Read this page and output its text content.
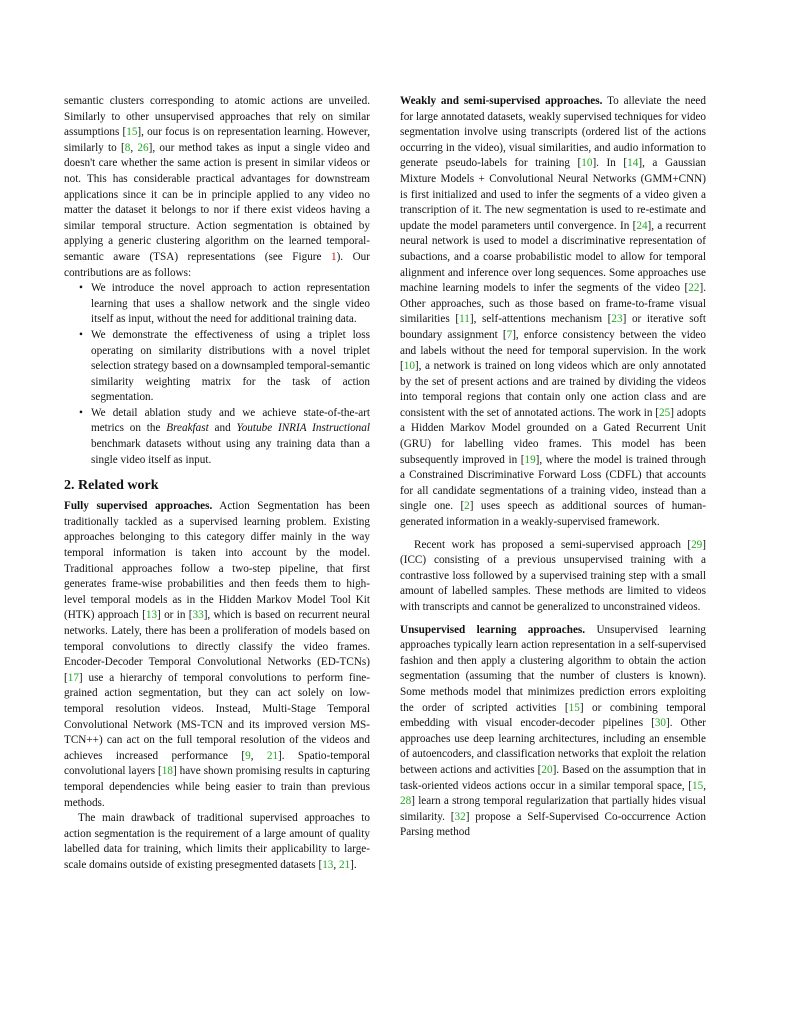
semantic clusters corresponding to atomic actions are unveiled. Similarly to other unsupervised approaches that rely on similar assumptions [15], our focus is on representation learning. However, similarly to [8, 26], our method takes as input a single video and doesn't care whether the same action is present in similar videos or not. This has considerable practical advantages for downstream applications since it can be in principle applied to any video no matter the dataset it belongs to nor if there exist videos having a similar temporal structure. Action segmentation is obtained by applying a generic clustering algorithm on the learned temporal-semantic aware (TSA) representations (see Figure 1). Our contributions are as follows:

• We introduce the novel approach to action representation learning that uses a shallow network and the single video itself as input, without the need for additional training data.
• We demonstrate the effectiveness of using a triplet loss operating on similarity distributions with a novel triplet selection strategy based on a downsampled temporal-semantic similarity weighting matrix for the task of action segmentation.
• We detail ablation study and we achieve state-of-the-art metrics on the Breakfast and Youtube INRIA Instructional benchmark datasets without using any training data than a single video itself as input.
2. Related work

Fully supervised approaches. Action Segmentation has been traditionally tackled as a supervised learning problem. Existing approaches belonging to this category differ mainly in the way temporal information is taken into account by the model. Traditional approaches follow a two-step pipeline, that first generates frame-wise probabilities and then feeds them to high-level temporal models as in the Hidden Markov Model Tool Kit (HTK) approach [13] or in [33], which is based on recurrent neural networks. Lately, there has been a proliferation of models based on temporal convolutions to directly classify the video frames. Encoder-Decoder Temporal Convolutional Networks (ED-TCNs) [17] use a hierarchy of temporal convolutions to perform fine-grained action segmentation, but they can act solely on low-temporal resolution videos. Instead, Multi-Stage Temporal Convolutional Network (MS-TCN and its improved version MS-TCN++) can act on the full temporal resolution of the videos and achieves increased performance [9, 21]. Spatio-temporal convolutional layers [18] have shown promising results in capturing temporal dependencies while being easier to train than previous methods.

The main drawback of traditional supervised approaches to action segmentation is the requirement of a large amount of quality labelled data for training, which limits their applicability to large-scale domains outside of existing presegmented datasets [13, 21].

Weakly and semi-supervised approaches. To alleviate the need for large annotated datasets, weakly supervised techniques for video segmentation involve using transcripts (ordered list of the actions occurring in the video), visual similarities, and audio information to generate pseudo-labels for training [10]. In [14], a Gaussian Mixture Models + Convolutional Neural Networks (GMM+CNN) is first initialized and used to infer the segments of a video given a transcription of it. The new segmentation is used to re-estimate and update the model parameters until convergence. In [24], a recurrent neural network is used to model a discriminative representation of subactions, and a coarse probabilistic model to allow for temporal alignment and inference over long sequences. Some approaches use machine learning models to infer the segments of the video [22]. Other approaches, such as those based on frame-to-frame visual similarities [11], self-attentions mechanism [23] or iterative soft boundary assignment [7], enforce consistency between the video and labels without the need for temporal supervision. In the work [10], a network is trained on long videos which are only annotated by the set of present actions and are trained by dividing the videos into temporal regions that contain only one action class and are consistent with the set of annotated actions. The work in [25] adopts a Hidden Markov Model grounded on a Gated Recurrent Unit (GRU) for labelling video frames. This model has been subsequently improved in [19], where the model is trained through a Constrained Discriminative Forward Loss (CDFL) that accounts for all candidate segmentations of a training video, instead than a single one. [2] uses speech as additional sources of human-generated information in a weakly-supervised framework.

Recent work has proposed a semi-supervised approach [29] (ICC) consisting of a previous unsupervised training with a contrastive loss followed by a supervised training step with a small amount of labelled samples. These methods are limited to videos with transcripts and cannot be generalized to unconstrained videos.

Unsupervised learning approaches. Unsupervised learning approaches typically learn action representation in a self-supervised fashion and then apply a clustering algorithm to obtain the action segmentation (assuming that the number of clusters is known). Some methods model that minimizes prediction errors exploiting the order of scripted activities [15] or combining temporal embedding with visual encoder-decoder pipelines [30]. Other approaches use deep learning architectures, including an ensemble of autoencoders, and classification networks that exploit the relation between actions and activities [20]. Based on the assumption that in task-oriented videos actions occur in a similar temporal space, [15, 28] learn a strong temporal regularization that partially hides visual similarity. [32] propose a Self-Supervised Co-occurrence Action Parsing method
